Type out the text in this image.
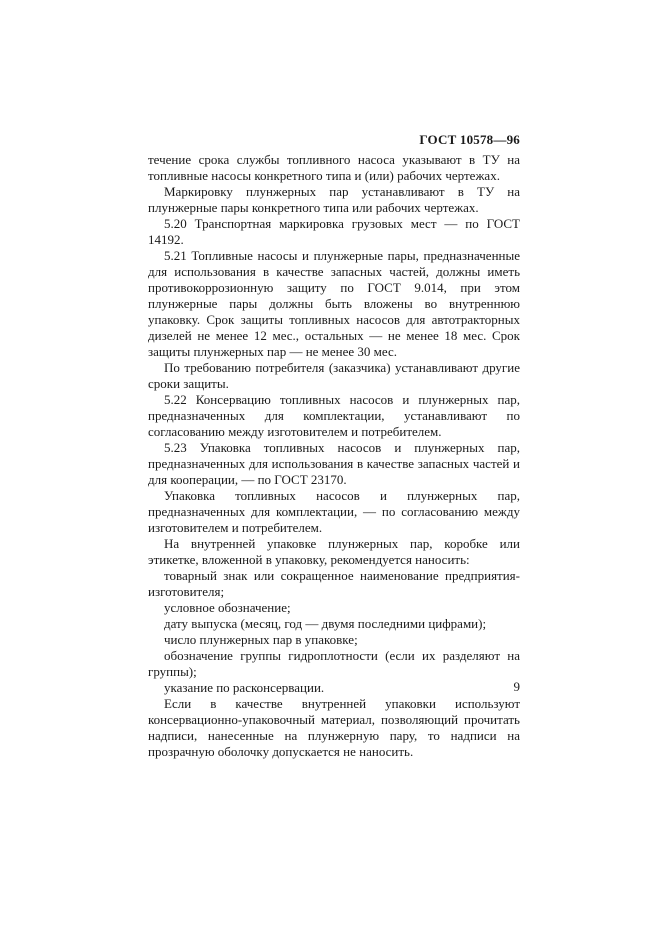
ГОСТ 10578—96

течение срока службы топливного насоса указывают в ТУ на топливные насосы конкретного типа и (или) рабочих чертежах.

Маркировку плунжерных пар устанавливают в ТУ на плунжерные пары конкретного типа или рабочих чертежах.

5.20 Транспортная маркировка грузовых мест — по ГОСТ 14192.

5.21 Топливные насосы и плунжерные пары, предназначенные для использования в качестве запасных частей, должны иметь противокоррозионную защиту по ГОСТ 9.014, при этом плунжерные пары должны быть вложены во внутреннюю упаковку. Срок защиты топливных насосов для автотракторных дизелей не менее 12 мес., остальных — не менее 18 мес. Срок защиты плунжерных пар — не менее 30 мес.

По требованию потребителя (заказчика) устанавливают другие сроки защиты.

5.22 Консервацию топливных насосов и плунжерных пар, предназначенных для комплектации, устанавливают по согласованию между изготовителем и потребителем.

5.23 Упаковка топливных насосов и плунжерных пар, предназначенных для использования в качестве запасных частей и для кооперации, — по ГОСТ 23170.

Упаковка топливных насосов и плунжерных пар, предназначенных для комплектации, — по согласованию между изготовителем и потребителем.

На внутренней упаковке плунжерных пар, коробке или этикетке, вложенной в упаковку, рекомендуется наносить:

товарный знак или сокращенное наименование предприятия-изготовителя;

условное обозначение;

дату выпуска (месяц, год — двумя последними цифрами);

число плунжерных пар в упаковке;

обозначение группы гидроплотности (если их разделяют на группы);

указание по расконсервации.

Если в качестве внутренней упаковки используют консервационно-упаковочный материал, позволяющий прочитать надписи, нанесенные на плунжерную пару, то надписи на прозрачную оболочку допускается не наносить.

9
